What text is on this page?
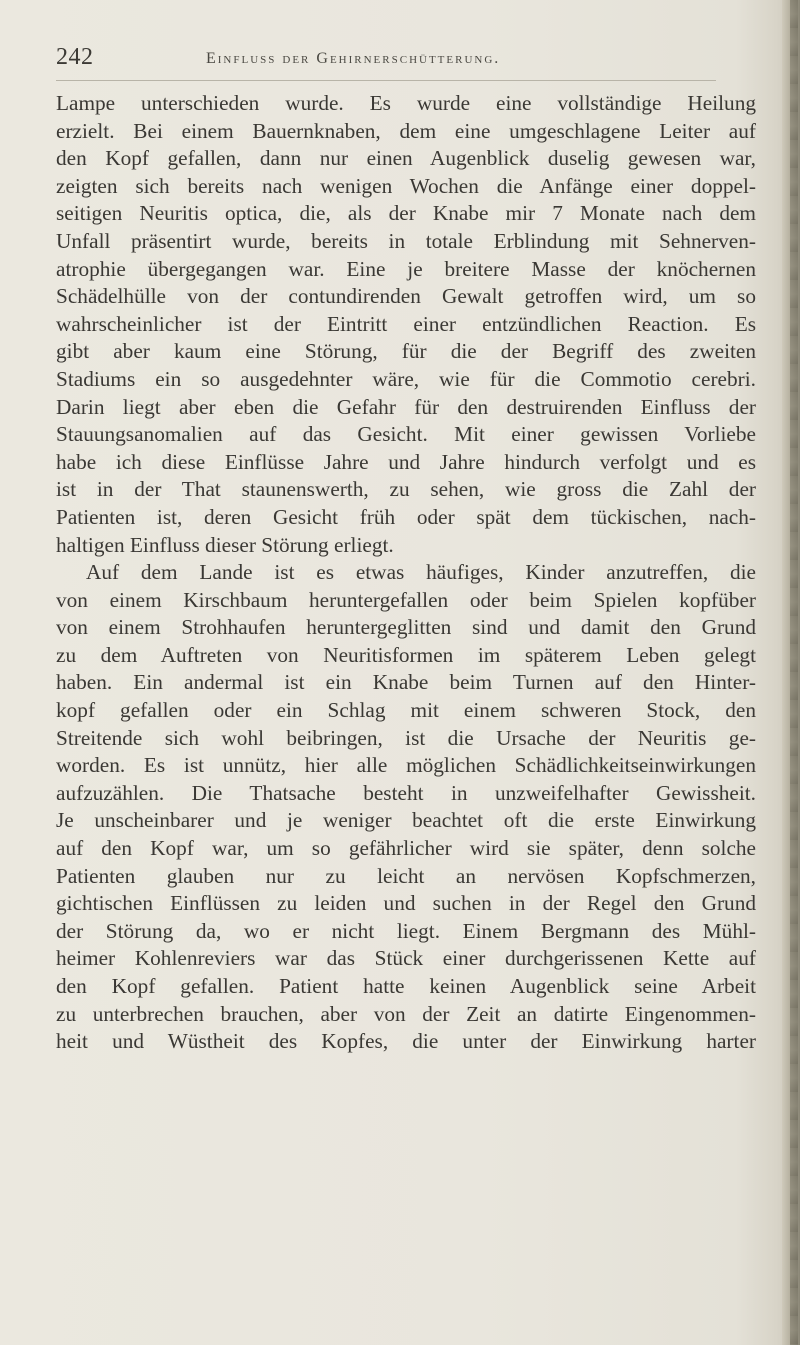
242	Einfluss der Gehirnerschütterung.
Lampe unterschieden wurde. Es wurde eine vollständige Heilung
erzielt. Bei einem Bauernknaben, dem eine umgeschlagene Leiter auf
den Kopf gefallen, dann nur einen Augenblick duselig gewesen war,
zeigten sich bereits nach wenigen Wochen die Anfänge einer doppel-
seitigen Neuritis optica, die, als der Knabe mir 7 Monate nach dem
Unfall präsentirt wurde, bereits in totale Erblindung mit Sehnerven-
atrophie übergegangen war. Eine je breitere Masse der knöchernen
Schädelhülle von der contundirenden Gewalt getroffen wird, um so
wahrscheinlicher ist der Eintritt einer entzündlichen Reaction. Es
gibt aber kaum eine Störung, für die der Begriff des zweiten
Stadiums ein so ausgedehnter wäre, wie für die Commotio cerebri.
Darin liegt aber eben die Gefahr für den destruirenden Einfluss der
Stauungsanomalien auf das Gesicht. Mit einer gewissen Vorliebe
habe ich diese Einflüsse Jahre und Jahre hindurch verfolgt und es
ist in der That staunenswerth, zu sehen, wie gross die Zahl der
Patienten ist, deren Gesicht früh oder spät dem tückischen, nach-
haltigen Einfluss dieser Störung erliegt.
Auf dem Lande ist es etwas häufiges, Kinder anzutreffen, die
von einem Kirschbaum heruntergefallen oder beim Spielen kopfüber
von einem Strohhaufen heruntergeglitten sind und damit den Grund
zu dem Auftreten von Neuritisformen im späterem Leben gelegt
haben. Ein andermal ist ein Knabe beim Turnen auf den Hinter-
kopf gefallen oder ein Schlag mit einem schweren Stock, den
Streitende sich wohl beibringen, ist die Ursache der Neuritis ge-
worden. Es ist unnütz, hier alle möglichen Schädlichkeitseinwirkungen
aufzuzählen. Die Thatsache besteht in unzweifelhafter Gewissheit.
Je unscheinbarer und je weniger beachtet oft die erste Einwirkung
auf den Kopf war, um so gefährlicher wird sie später, denn solche
Patienten glauben nur zu leicht an nervösen Kopfschmerzen,
gichtischen Einflüssen zu leiden und suchen in der Regel den Grund
der Störung da, wo er nicht liegt. Einem Bergmann des Mühl-
heimer Kohlenreviers war das Stück einer durchgerissenen Kette auf
den Kopf gefallen. Patient hatte keinen Augenblick seine Arbeit
zu unterbrechen brauchen, aber von der Zeit an datirte Eingenommen-
heit und Wüstheit des Kopfes, die unter der Einwirkung harter
